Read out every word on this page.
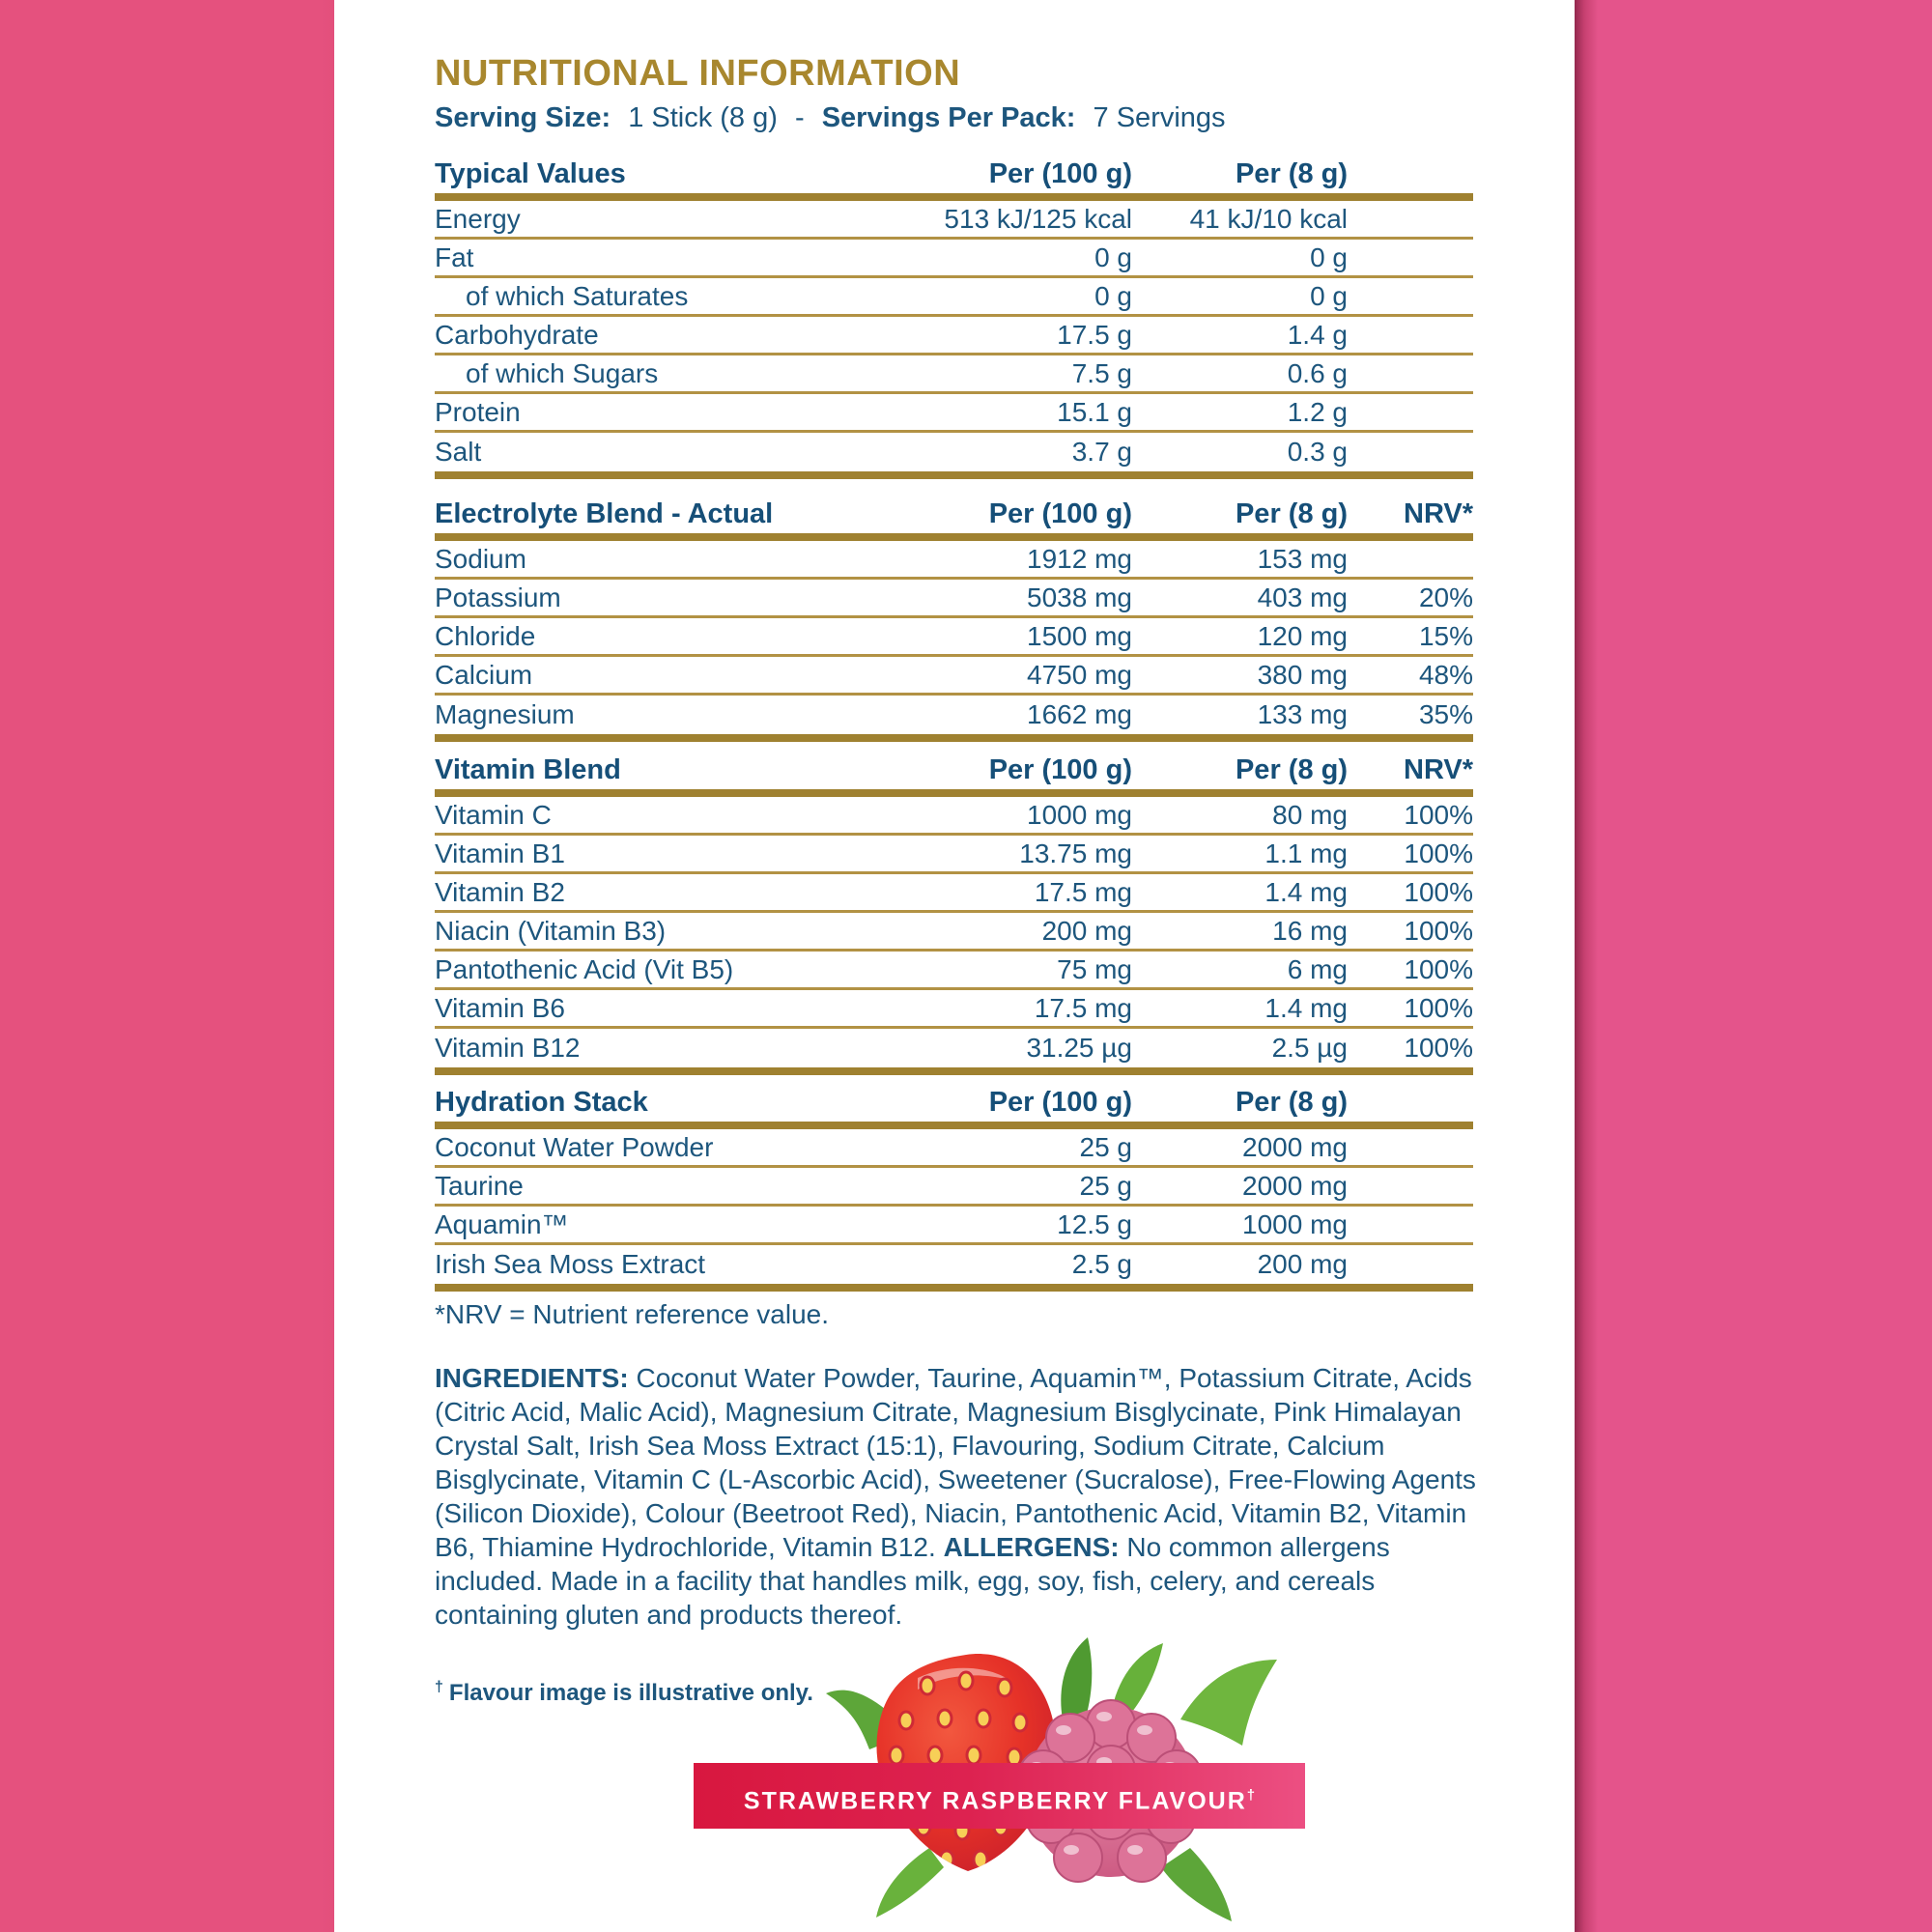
NUTRITIONAL INFORMATION
Serving Size: 1 Stick (8 g) - Servings Per Pack: 7 Servings
Typical Values	Per (100 g)	Per (8 g)
Energy	513 kJ/125 kcal	41 kJ/10 kcal
Fat	0 g	0 g
of which Saturates	0 g	0 g
Carbohydrate	17.5 g	1.4 g
of which Sugars	7.5 g	0.6 g
Protein	15.1 g	1.2 g
Salt	3.7 g	0.3 g
Electrolyte Blend - Actual	Per (100 g)	Per (8 g)	NRV*
Sodium	1912 mg	153 mg
Potassium	5038 mg	403 mg	20%
Chloride	1500 mg	120 mg	15%
Calcium	4750 mg	380 mg	48%
Magnesium	1662 mg	133 mg	35%
Vitamin Blend	Per (100 g)	Per (8 g)	NRV*
Vitamin C	1000 mg	80 mg	100%
Vitamin B1	13.75 mg	1.1 mg	100%
Vitamin B2	17.5 mg	1.4 mg	100%
Niacin (Vitamin B3)	200 mg	16 mg	100%
Pantothenic Acid (Vit B5)	75 mg	6 mg	100%
Vitamin B6	17.5 mg	1.4 mg	100%
Vitamin B12	31.25 µg	2.5 µg	100%
Hydration Stack	Per (100 g)	Per (8 g)
Coconut Water Powder	25 g	2000 mg
Taurine	25 g	2000 mg
Aquamin™	12.5 g	1000 mg
Irish Sea Moss Extract	2.5 g	200 mg
*NRV = Nutrient reference value.

INGREDIENTS: Coconut Water Powder, Taurine, Aquamin™, Potassium Citrate, Acids (Citric Acid, Malic Acid), Magnesium Citrate, Magnesium Bisglycinate, Pink Himalayan Crystal Salt, Irish Sea Moss Extract (15:1), Flavouring, Sodium Citrate, Calcium Bisglycinate, Vitamin C (L-Ascorbic Acid), Sweetener (Sucralose), Free-Flowing Agents (Silicon Dioxide), Colour (Beetroot Red), Niacin, Pantothenic Acid, Vitamin B2, Vitamin B6, Thiamine Hydrochloride, Vitamin B12. ALLERGENS: No common allergens included. Made in a facility that handles milk, egg, soy, fish, celery, and cereals containing gluten and products thereof.

† Flavour image is illustrative only.
STRAWBERRY RASPBERRY FLAVOUR†
